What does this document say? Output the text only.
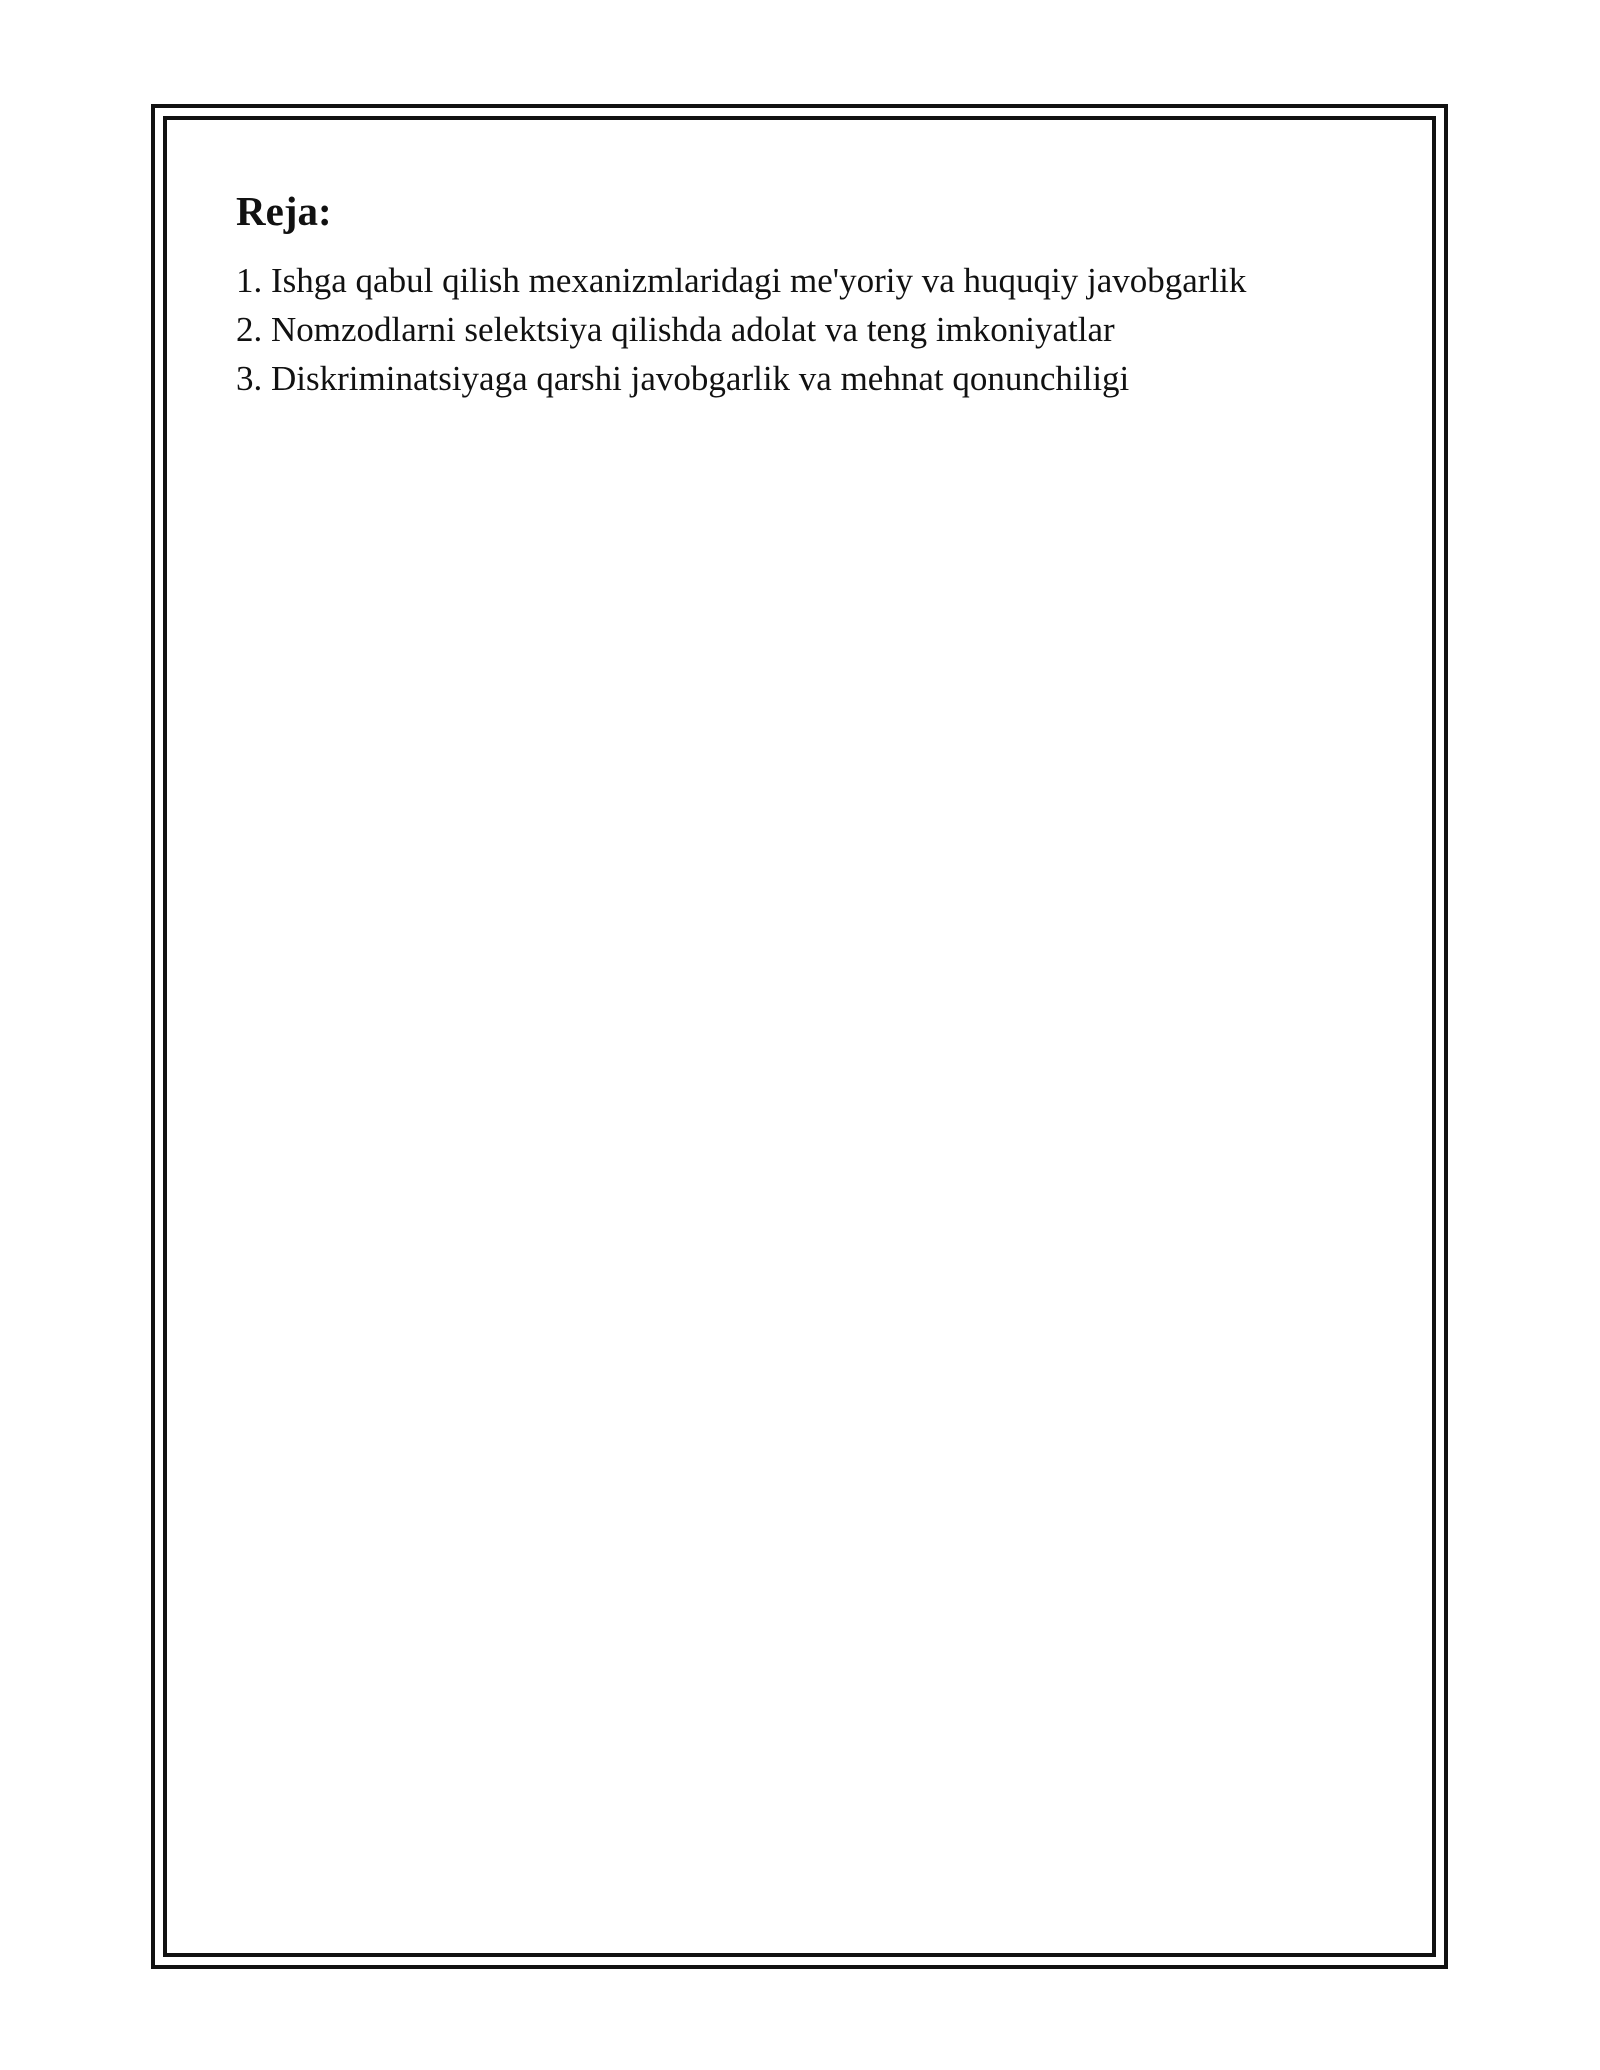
Reja:
1. Ishga qabul qilish mexanizmlaridagi me'yoriy va huquqiy javobgarlik
2. Nomzodlarni selektsiya qilishda adolat va teng imkoniyatlar
3. Diskriminatsiyaga qarshi javobgarlik va mehnat qonunchiligi
